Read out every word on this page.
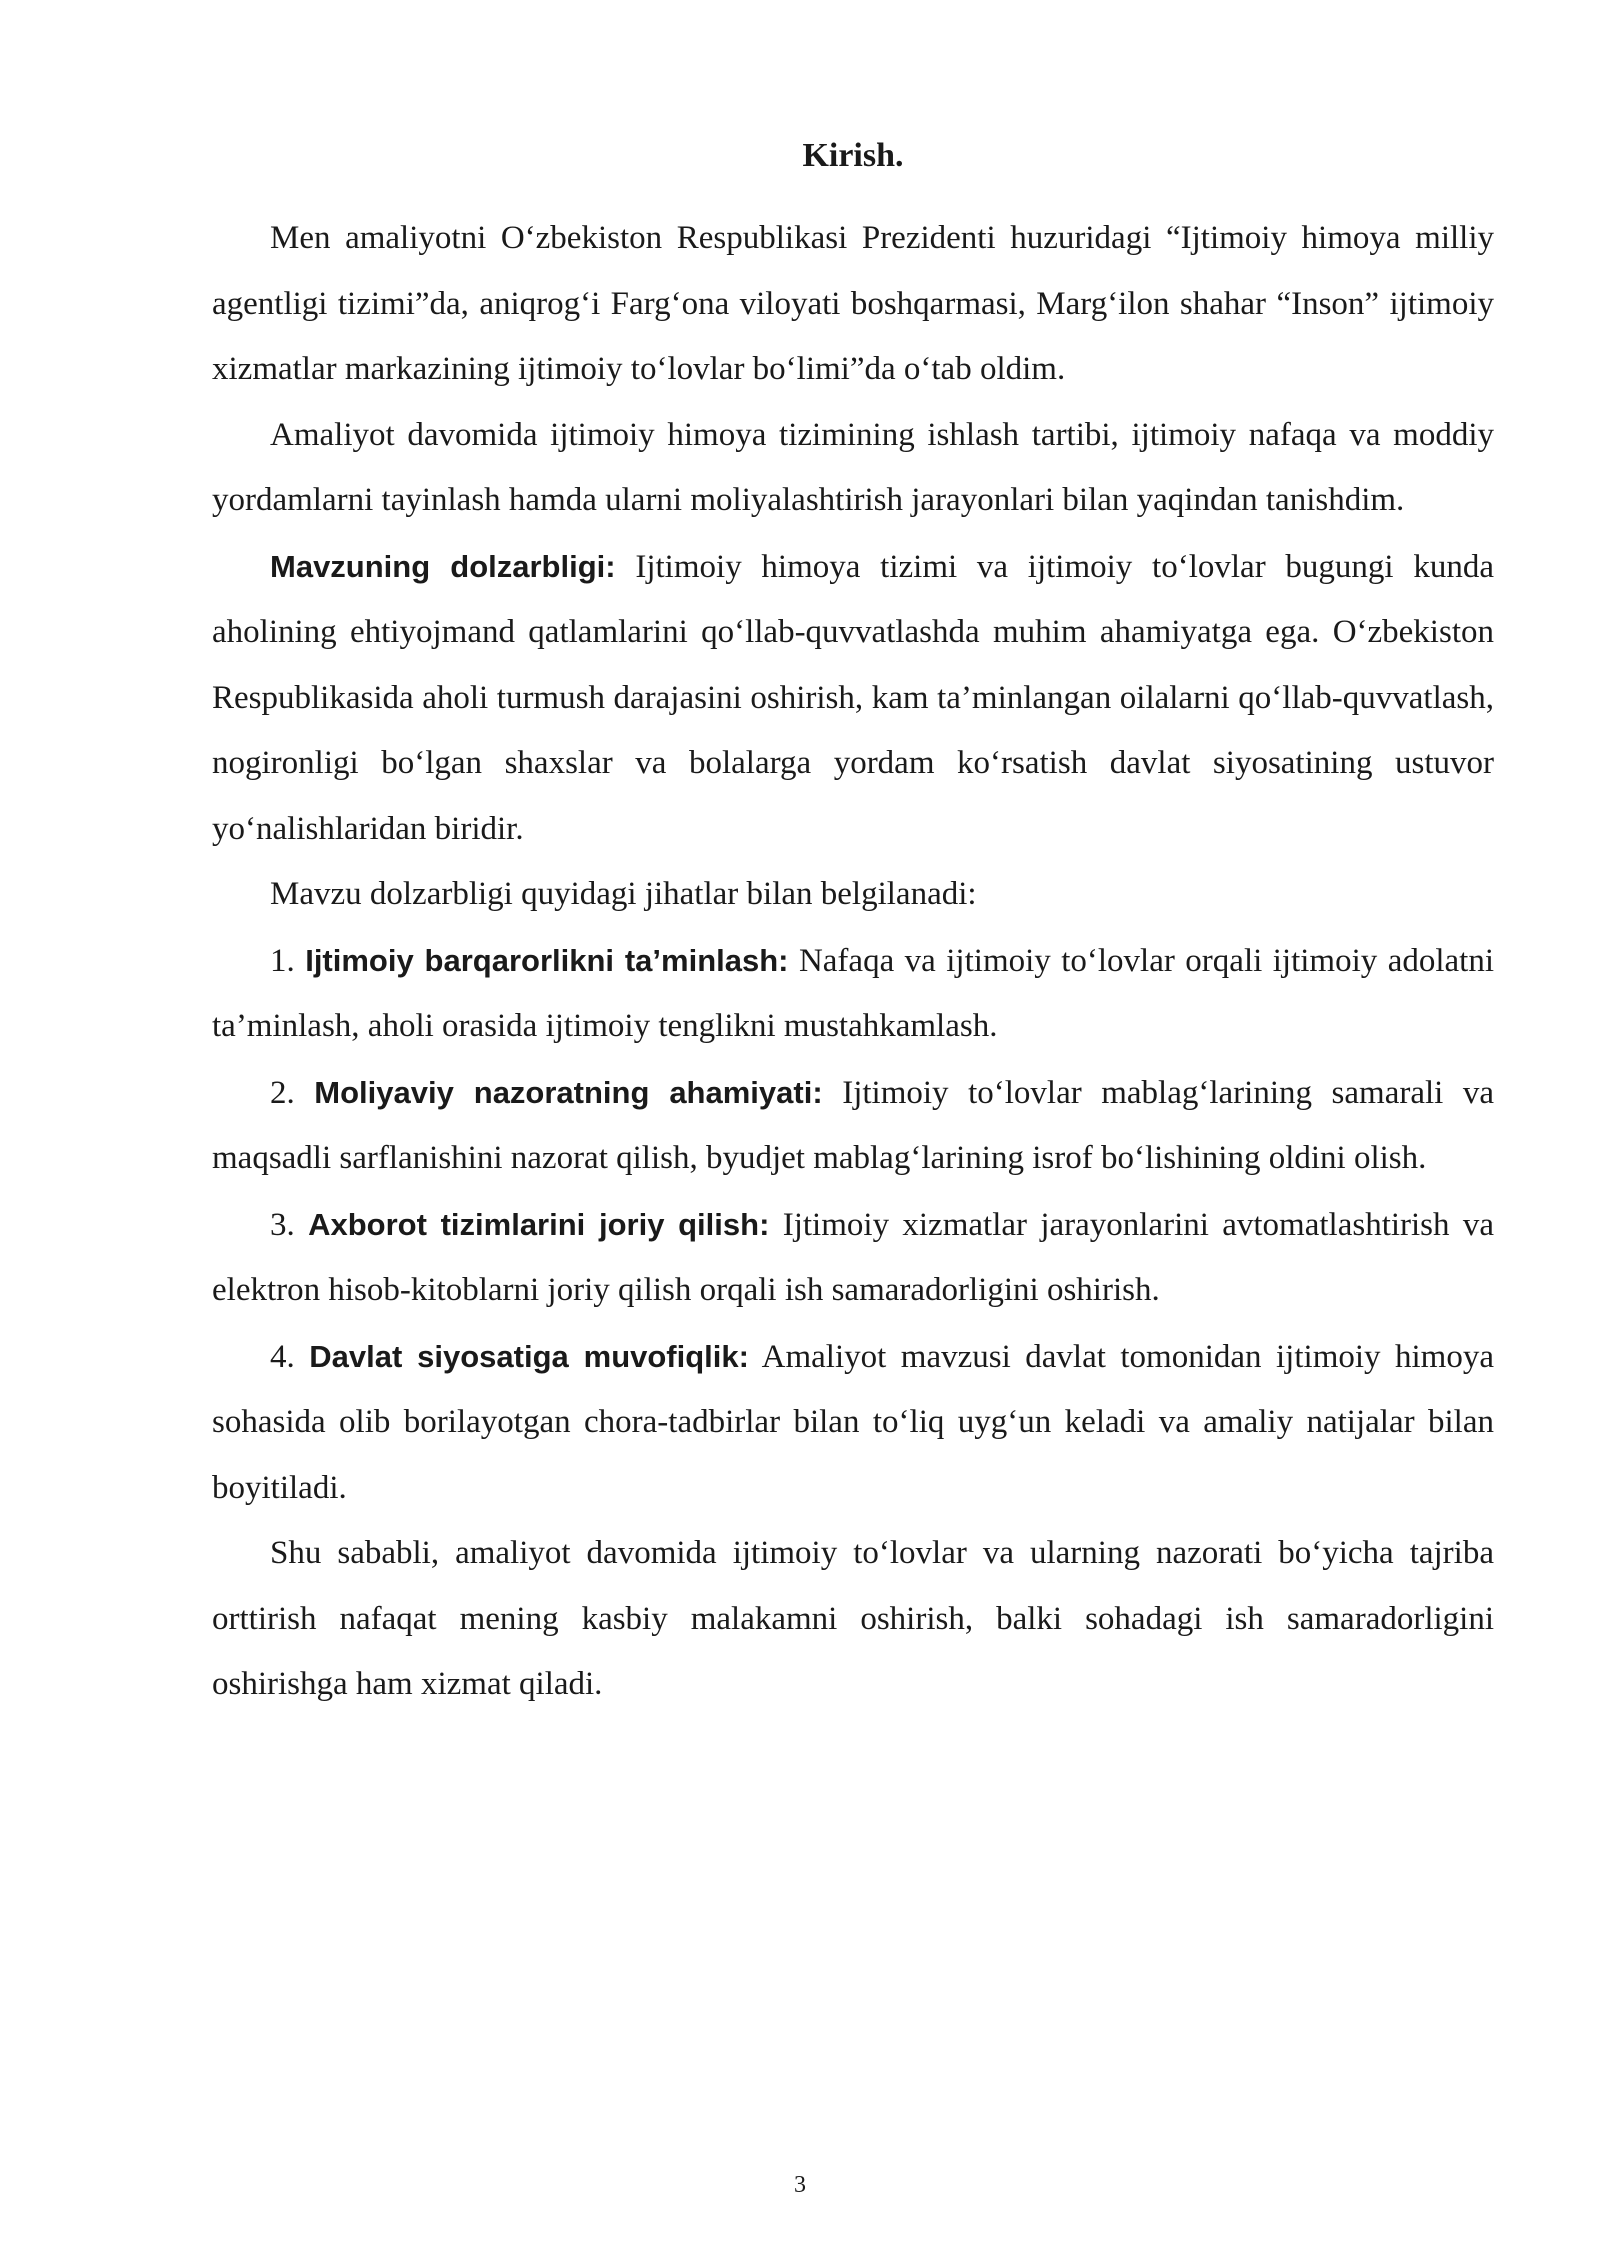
Kirish.

Men amaliyotni O‘zbekiston Respublikasi Prezidenti huzuridagi “Ijtimoiy himoya milliy agentligi tizimi”da, aniqrog‘i Farg‘ona viloyati boshqarmasi, Marg‘ilon shahar “Inson” ijtimoiy xizmatlar markazining ijtimoiy to‘lovlar bo‘limi”da o‘tab oldim.

Amaliyot davomida ijtimoiy himoya tizimining ishlash tartibi, ijtimoiy nafaqa va moddiy yordamlarni tayinlash hamda ularni moliyalashtirish jarayonlari bilan yaqindan tanishdim.

Mavzuning dolzarbligi: Ijtimoiy himoya tizimi va ijtimoiy to‘lovlar bugungi kunda aholining ehtiyojmand qatlamlarini qo‘llab-quvvatlashda muhim ahamiyatga ega. O‘zbekiston Respublikasida aholi turmush darajasini oshirish, kam ta’minlangan oilalarni qo‘llab-quvvatlash, nogironligi bo‘lgan shaxslar va bolalarga yordam ko‘rsatish davlat siyosatining ustuvor yo‘nalishlaridan biridir.

Mavzu dolzarbligi quyidagi jihatlar bilan belgilanadi:

1. Ijtimoiy barqarorlikni ta’minlash: Nafaqa va ijtimoiy to‘lovlar orqali ijtimoiy adolatni ta’minlash, aholi orasida ijtimoiy tenglikni mustahkamlash.

2. Moliyaviy nazoratning ahamiyati: Ijtimoiy to‘lovlar mablag‘larining samarali va maqsadli sarflanishini nazorat qilish, byudjet mablag‘larining isrof bo‘lishining oldini olish.

3. Axborot tizimlarini joriy qilish: Ijtimoiy xizmatlar jarayonlarini avtomatlashtirish va elektron hisob-kitoblarni joriy qilish orqali ish samaradorligini oshirish.

4. Davlat siyosatiga muvofiqlik: Amaliyot mavzusi davlat tomonidan ijtimoiy himoya sohasida olib borilayotgan chora-tadbirlar bilan to‘liq uyg‘un keladi va amaliy natijalar bilan boyitiladi.

Shu sababli, amaliyot davomida ijtimoiy to‘lovlar va ularning nazorati bo‘yicha tajriba orttirish nafaqat mening kasbiy malakamni oshirish, balki sohadagi ish samaradorligini oshirishga ham xizmat qiladi.

3
